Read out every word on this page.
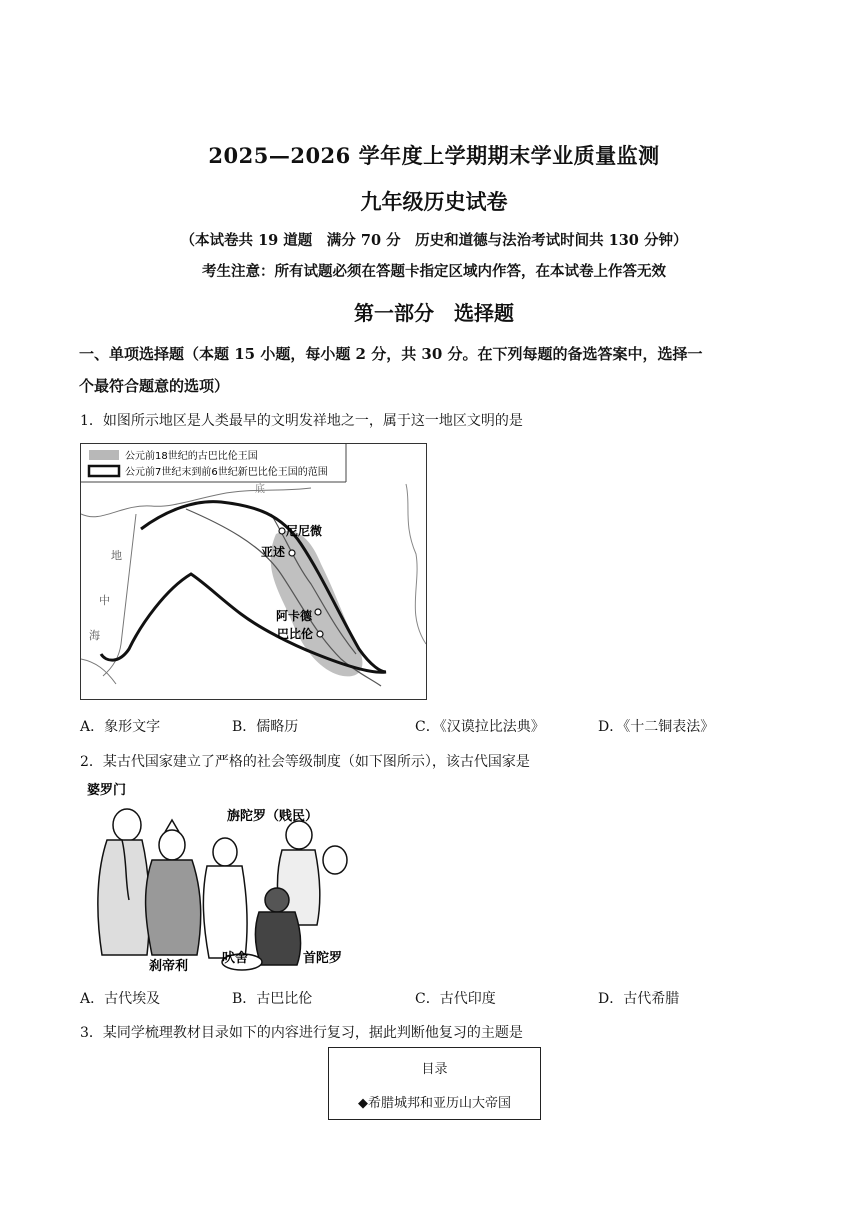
2025—2026 学年度上学期期末学业质量监测
九年级历史试卷
（本试卷共 19 道题　满分 70 分　历史和道德与法治考试时间共 130 分钟）
考生注意：所有试题必须在答题卡指定区域内作答，在本试卷上作答无效
第一部分　选择题
一、单项选择题（本题 15 小题，每小题 2 分，共 30 分。在下列每题的备选答案中，选择一
个最符合题意的选项）
1．如图所示地区是人类最早的文明发祥地之一，属于这一地区文明的是
公元前18世纪的古巴比伦王国
公元前7世纪末到前6世纪新巴比伦王国的范围
尼尼微
亚述
阿卡德
巴比伦
地
中
海
底
A．象形文字	B．儒略历	C．《汉谟拉比法典》	D．《十二铜表法》
2．某古代国家建立了严格的社会等级制度（如下图所示），该古代国家是
婆罗门
旃陀罗（贱民）
刹帝利
吠舍	首陀罗
A．古代埃及	B．古巴比伦	C．古代印度	D．古代希腊
3．某同学梳理教材目录如下的内容进行复习，据此判断他复习的主题是
目录
◆希腊城邦和亚历山大帝国
